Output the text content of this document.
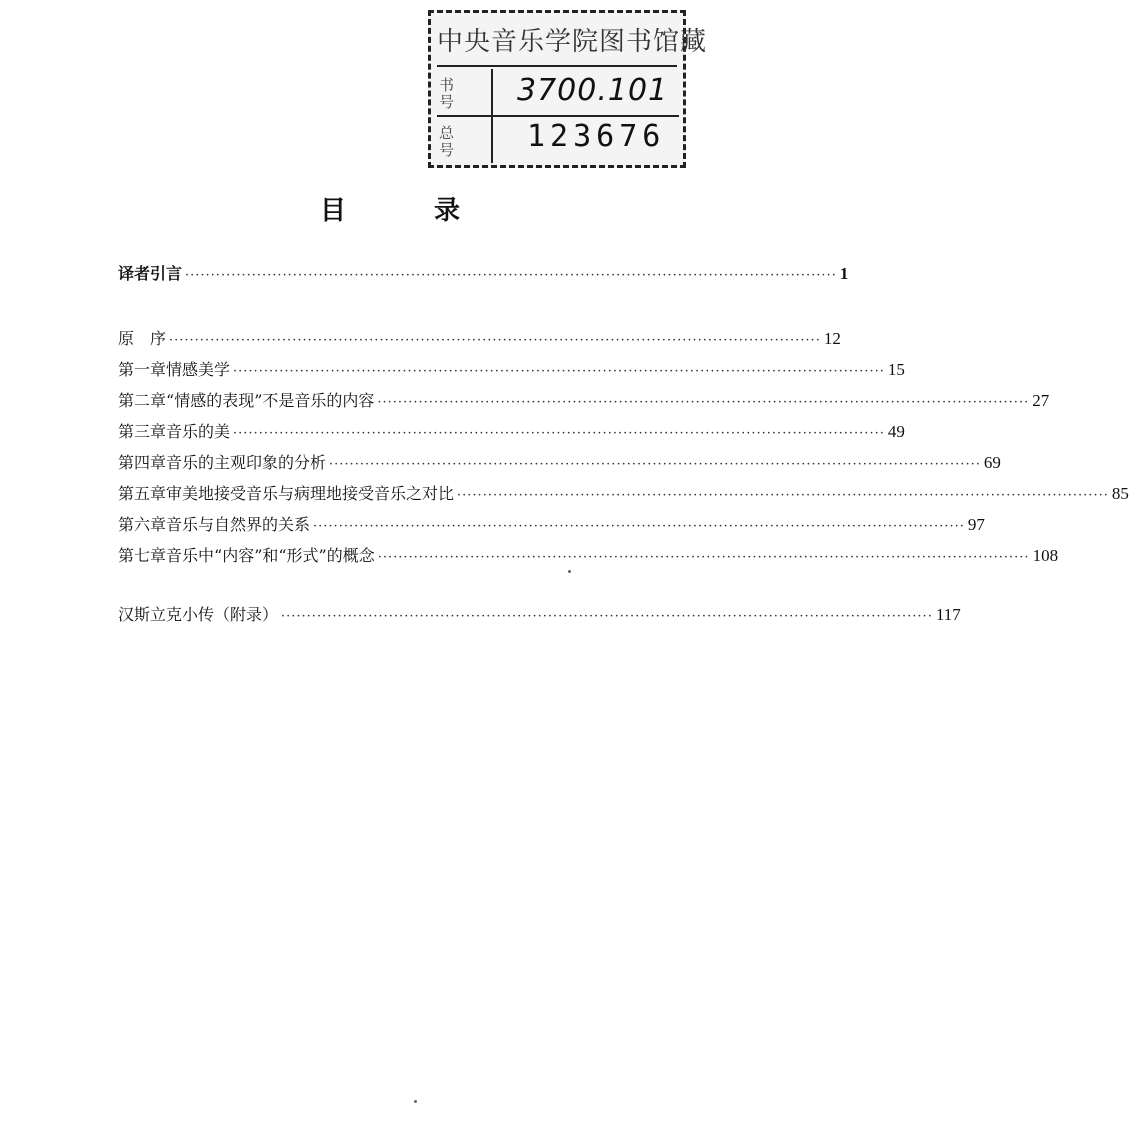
中央音乐学院图书馆藏
书号	3700.101
总号	123676
目	录
译者引言 ·····	1
原　序 ·····	12
第一章 情感美学 ·····	15
第二章 “情感的表现”不是音乐的内容 ·····	27
第三章 音乐的美 ·····	49
第四章 音乐的主观印象的分析 ·····	69
第五章 审美地接受音乐与病理地接受音乐之对比 ·····	85
第六章 音乐与自然界的关系 ·····	97
第七章 音乐中“内容”和“形式”的概念 ·····	108
汉斯立克小传（附录） ·····	117
